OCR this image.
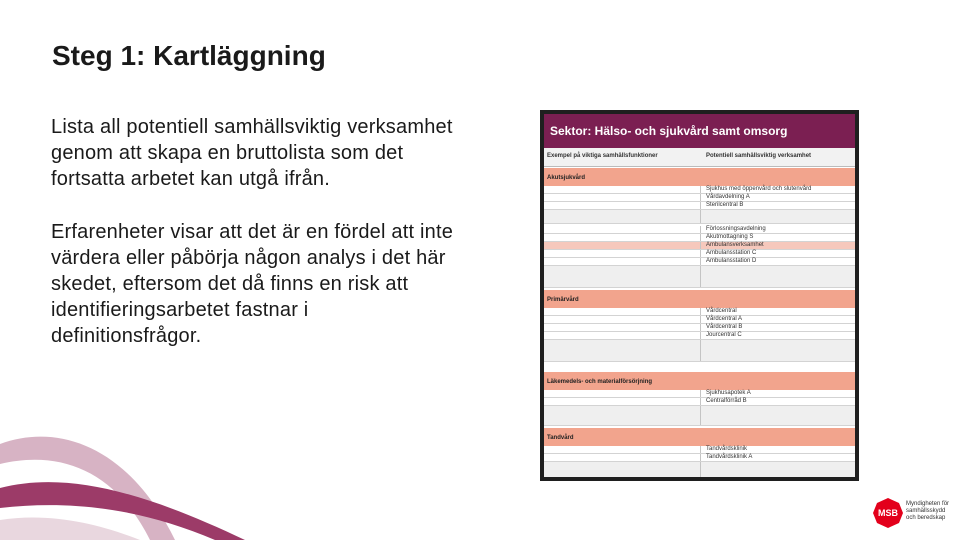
Steg 1: Kartläggning

Lista all potentiell samhällsviktig verksamhet
genom att skapa en bruttolista som det
fortsatta arbetet kan utgå ifrån.

Erfarenheter visar att det är en fördel att inte
värdera eller påbörja någon analys i det här
skedet, eftersom det då finns en risk att
identifieringsarbetet fastnar i
definitionsfrågor.

Sektor: Hälso- och sjukvård samt omsorg
Exempel på viktiga samhällsfunktioner	Potentiell samhällsviktig verksamhet
Akutsjukvård
Sjukhus med öppenvård och slutenvård
Vårdavdelning A
Sterilcentral B
Förlossningsavdelning
Akutmottagning S
Ambulansverksamhet
Ambulansstation C
Ambulansstation D
Primärvård
Vårdcentral
Vårdcentral A
Vårdcentral B
Jourcentral C
Läkemedels- och materialförsörjning
Sjukhusapotek A
Centralförråd B
Tandvård
Tandvårdsklinik
Tandvårdsklinik A
MSB
Myndigheten för
samhällsskydd
och beredskap
